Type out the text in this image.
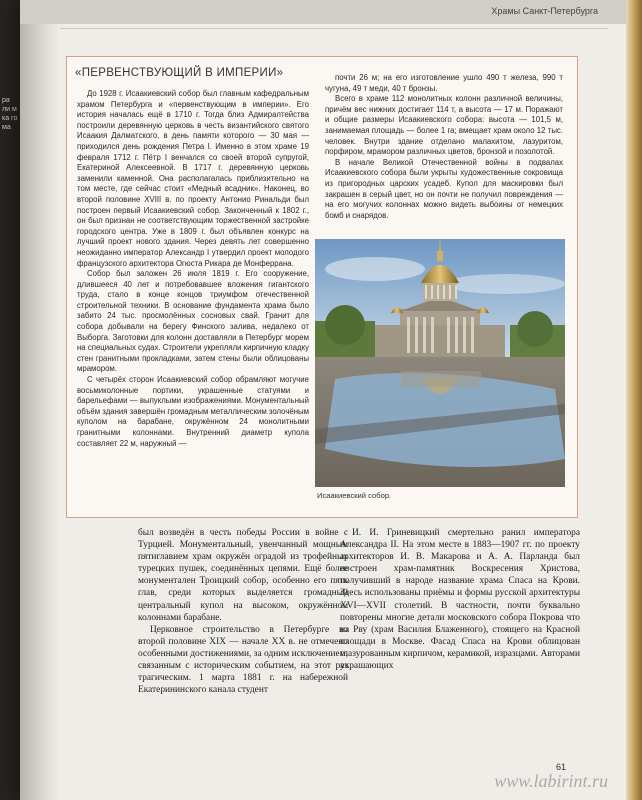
ра ли м ка го ма
Храмы Санкт-Петербурга
«ПЕРВЕНСТВУЮЩИЙ В ИМПЕРИИ»

До 1928 г. Исаакиевский собор был главным кафедральным храмом Петербурга и «первенствующим в империи». Его история началась ещё в 1710 г. Тогда близ Адмиралтейства построили деревянную церковь в честь византийского святого Исаакия Далматского, в день памяти которого — 30 мая — приходился день рождения Петра I. Именно в этом храме 19 февраля 1712 г. Пётр I венчался со своей второй супругой, Екатериной Алексеевной. В 1717 г. деревянную церковь заменили каменной. Она располагалась приблизительно на том месте, где сейчас стоит «Медный всадник». Наконец, во второй половине XVIII в. по проекту Антонио Ринальди был построен первый Исаакиевский собор. Законченный к 1802 г., он был признан не соответствующим торжественной застройке городского центра. Уже в 1809 г. был объявлен конкурс на лучший проект нового здания. Через девять лет совершенно неожиданно император Александр I утвердил проект молодого французского архитектора Огюста Рикара де Монферрана.

Собор был заложен 26 июля 1819 г. Его сооружение, длившееся 40 лет и потребовавшее вложения гигантского труда, стало в конце концов триумфом отечественной строительной техники. В основание фундамента храма было забито 24 тыс. просмолённых сосновых свай. Гранит для собора добывали на берегу Финского залива, недалеко от Выборга. Заготовки для колонн доставляли в Петербург морем на специальных судах. Строители укрепляли кирпичную кладку стен гранитными прокладками, затем стены были облицованы мрамором.

С четырёх сторон Исаакиевский собор обрамляют могучие восьмиколонные портики, украшенные статуями и барельефами — выпуклыми изображениями. Монументальный объём здания завершён громадным металлическим золочёным куполом на барабане, окружённом 24 монолитными гранитными колоннами. Внутренний диаметр купола составляет 22 м, наружный —

почти 26 м; на его изготовление ушло 490 т железа, 990 т чугуна, 49 т меди, 40 т бронзы.

Всего в храме 112 монолитных колонн различной величины, причём вес нижних достигает 114 т, а высота — 17 м. Поражают и общие размеры Исаакиевского собора: высота — 101,5 м, занимаемая площадь — более 1 га; вмещает храм около 12 тыс. человек. Внутри здание отделано малахитом, лазуритом, порфиром, мрамором различных цветов, бронзой и позолотой.

В начале Великой Отечественной войны в подвалах Исаакиевского собора были укрыты художественные сокровища из пригородных царских усадеб. Купол для маскировки был закрашен в серый цвет, но он почти не получил повреждения — на его могучих колоннах можно видеть выбоины от немецких бомб и снарядов.

Исаакиевский собор.

был возведён в честь победы России в войне с Турцией. Монументальный, увенчанный мощным пятиглавием храм окружён оградой из трофейных турецких пушек, соединённых цепями. Ещё более монументален Троицкий собор, особенно его пять глав, среди которых выделяется громадный центральный купол на высоком, окружённом колоннами барабане.

Церковное строительство в Петербурге во второй половине XIX — начале XX в. не отмечено особенными достижениями, за одним исключением, связанным с историческим событием, на этот раз трагическим. 1 марта 1881 г. на набережной Екатерининского канала студент

И. И. Гриневицкий смертельно ранил императора Александра II. На этом месте в 1883—1907 гг. по проекту архитекторов И. В. Макарова и А. А. Парланда был построен храм-памятник Воскресения Христова, получивший в народе название храма Спаса на Крови. Здесь использованы приёмы и формы русской архитектуры XVI—XVII столетий. В частности, почти буквально повторены многие детали московского собора Покрова что на Рву (храм Василия Блаженного), стоящего на Красной площади в Москве. Фасад Спаса на Крови облицован глазурованным кирпичом, керамикой, изразцами. Авторами украшающих

61
www.labirint.ru
